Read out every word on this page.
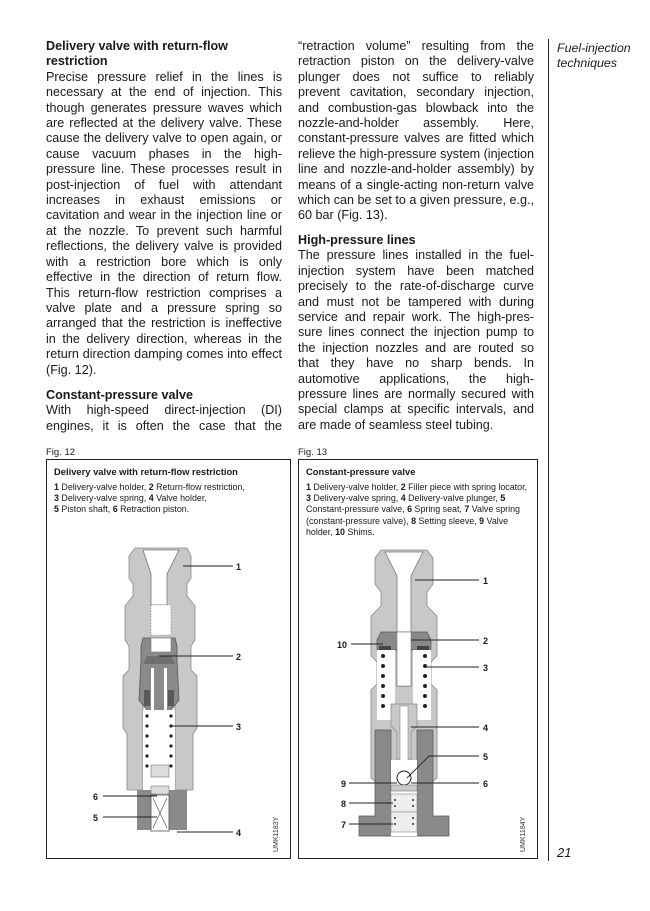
Delivery valve with return-flow
restriction

Precise pressure relief in the lines is necessary at the end of injection. This though generates pressure waves which are reflected at the delivery valve. These cause the delivery valve to open again, or cause vacuum phases in the high-pressure line. These processes result in post-injection of fuel with attendant increases in exhaust emissions or cavitation and wear in the injection line or at the nozzle. To prevent such harmful reflections, the delivery valve is provided with a restriction bore which is only effective in the direction of return flow. This return-flow restriction comprises a valve plate and a pressure spring so arranged that the restriction is ineffective in the delivery direction, whereas in the return direction damping comes into effect (Fig. 12).

Constant-pressure valve

With high-speed direct-injection (DI) engines, it is often the case that the

“retraction volume” resulting from the retraction piston on the delivery-valve plunger does not suffice to reliably prevent cavitation, secondary injection, and combustion-gas blowback into the nozzle-and-holder assembly. Here, constant-pressure valves are fitted which relieve the high-pressure system (injection line and nozzle-and-holder assembly) by means of a single-acting non-return valve which can be set to a given pressure, e.g., 60 bar (Fig. 13).

High-pressure lines

The pressure lines installed in the fuel-injection system have been matched precisely to the rate-of-discharge curve and must not be tampered with during service and repair work. The high-pressure lines connect the injection pump to the injection nozzles and are routed so that they have no sharp bends. In automotive applications, the high-pressure lines are normally secured with special clamps at specific intervals, and are made of seamless steel tubing.

Fuel-injection
techniques
21
Fig. 12
Delivery valve with return-flow restriction
1 Delivery-valve holder, 2 Return-flow restriction,
3 Delivery-valve spring, 4 Valve holder,
5 Piston shaft, 6 Retraction piston.
1
2
3
4
5
6
UMK1183Y
Fig. 13
Constant-pressure valve
1 Delivery-valve holder, 2 Filler piece with spring locator, 3 Delivery-valve spring, 4 Delivery-valve plunger, 5 Constant-pressure valve, 6 Spring seat, 7 Valve spring (constant-pressure valve), 8 Setting sleeve, 9 Valve holder, 10 Shims.
1
2
3
4
5
6
7
8
9
10
UMK1184Y
